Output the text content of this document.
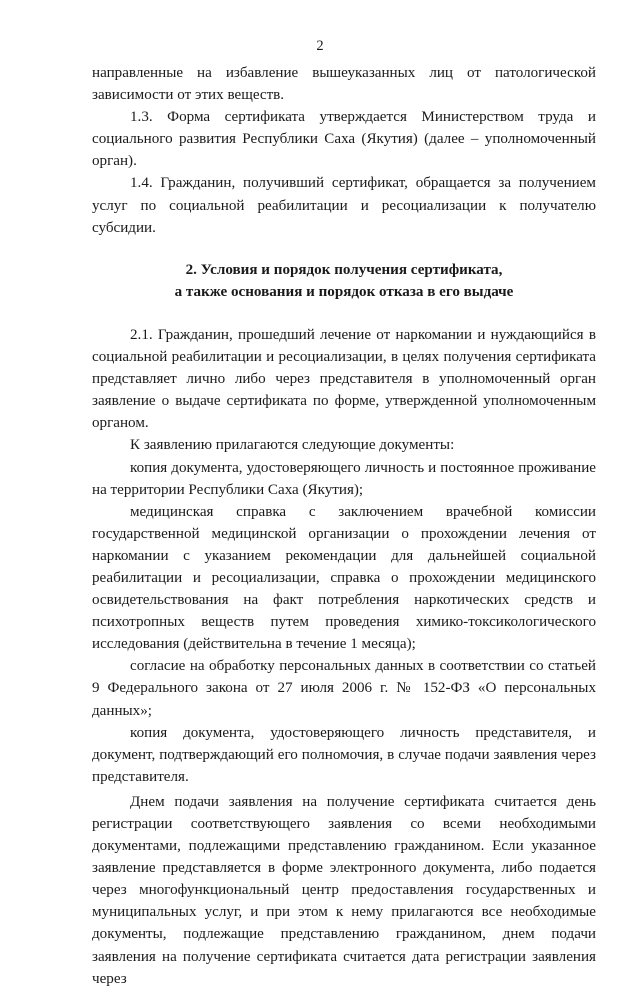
2

направленные на избавление вышеуказанных лиц от патологической зависимости от этих веществ.

1.3. Форма сертификата утверждается Министерством труда и социального развития Республики Саха (Якутия) (далее – уполномоченный орган).

1.4. Гражданин, получивший сертификат, обращается за получением услуг по социальной реабилитации и ресоциализации к получателю субсидии.

2. Условия и порядок получения сертификата,
а также основания и порядок отказа в его выдаче

2.1. Гражданин, прошедший лечение от наркомании и нуждающийся в социальной реабилитации и ресоциализации, в целях получения сертификата представляет лично либо через представителя в уполномоченный орган заявление о выдаче сертификата по форме, утвержденной уполномоченным органом.

К заявлению прилагаются следующие документы:

копия документа, удостоверяющего личность и постоянное проживание на территории Республики Саха (Якутия);

медицинская справка с заключением врачебной комиссии государственной медицинской организации о прохождении лечения от наркомании с указанием рекомендации для дальнейшей социальной реабилитации и ресоциализации, справка о прохождении медицинского освидетельствования на факт потребления наркотических средств и психотропных веществ путем проведения химико-токсикологического исследования (действительна в течение 1 месяца);

согласие на обработку персональных данных в соответствии со статьей 9 Федерального закона от 27 июля 2006 г. № 152-ФЗ «О персональных данных»;

копия документа, удостоверяющего личность представителя, и документ, подтверждающий его полномочия, в случае подачи заявления через представителя.

Днем подачи заявления на получение сертификата считается день регистрации соответствующего заявления со всеми необходимыми документами, подлежащими представлению гражданином. Если указанное заявление представляется в форме электронного документа, либо подается через многофункциональный центр предоставления государственных и муниципальных услуг, и при этом к нему прилагаются все необходимые документы, подлежащие представлению гражданином, днем подачи заявления на получение сертификата считается дата регистрации заявления через
